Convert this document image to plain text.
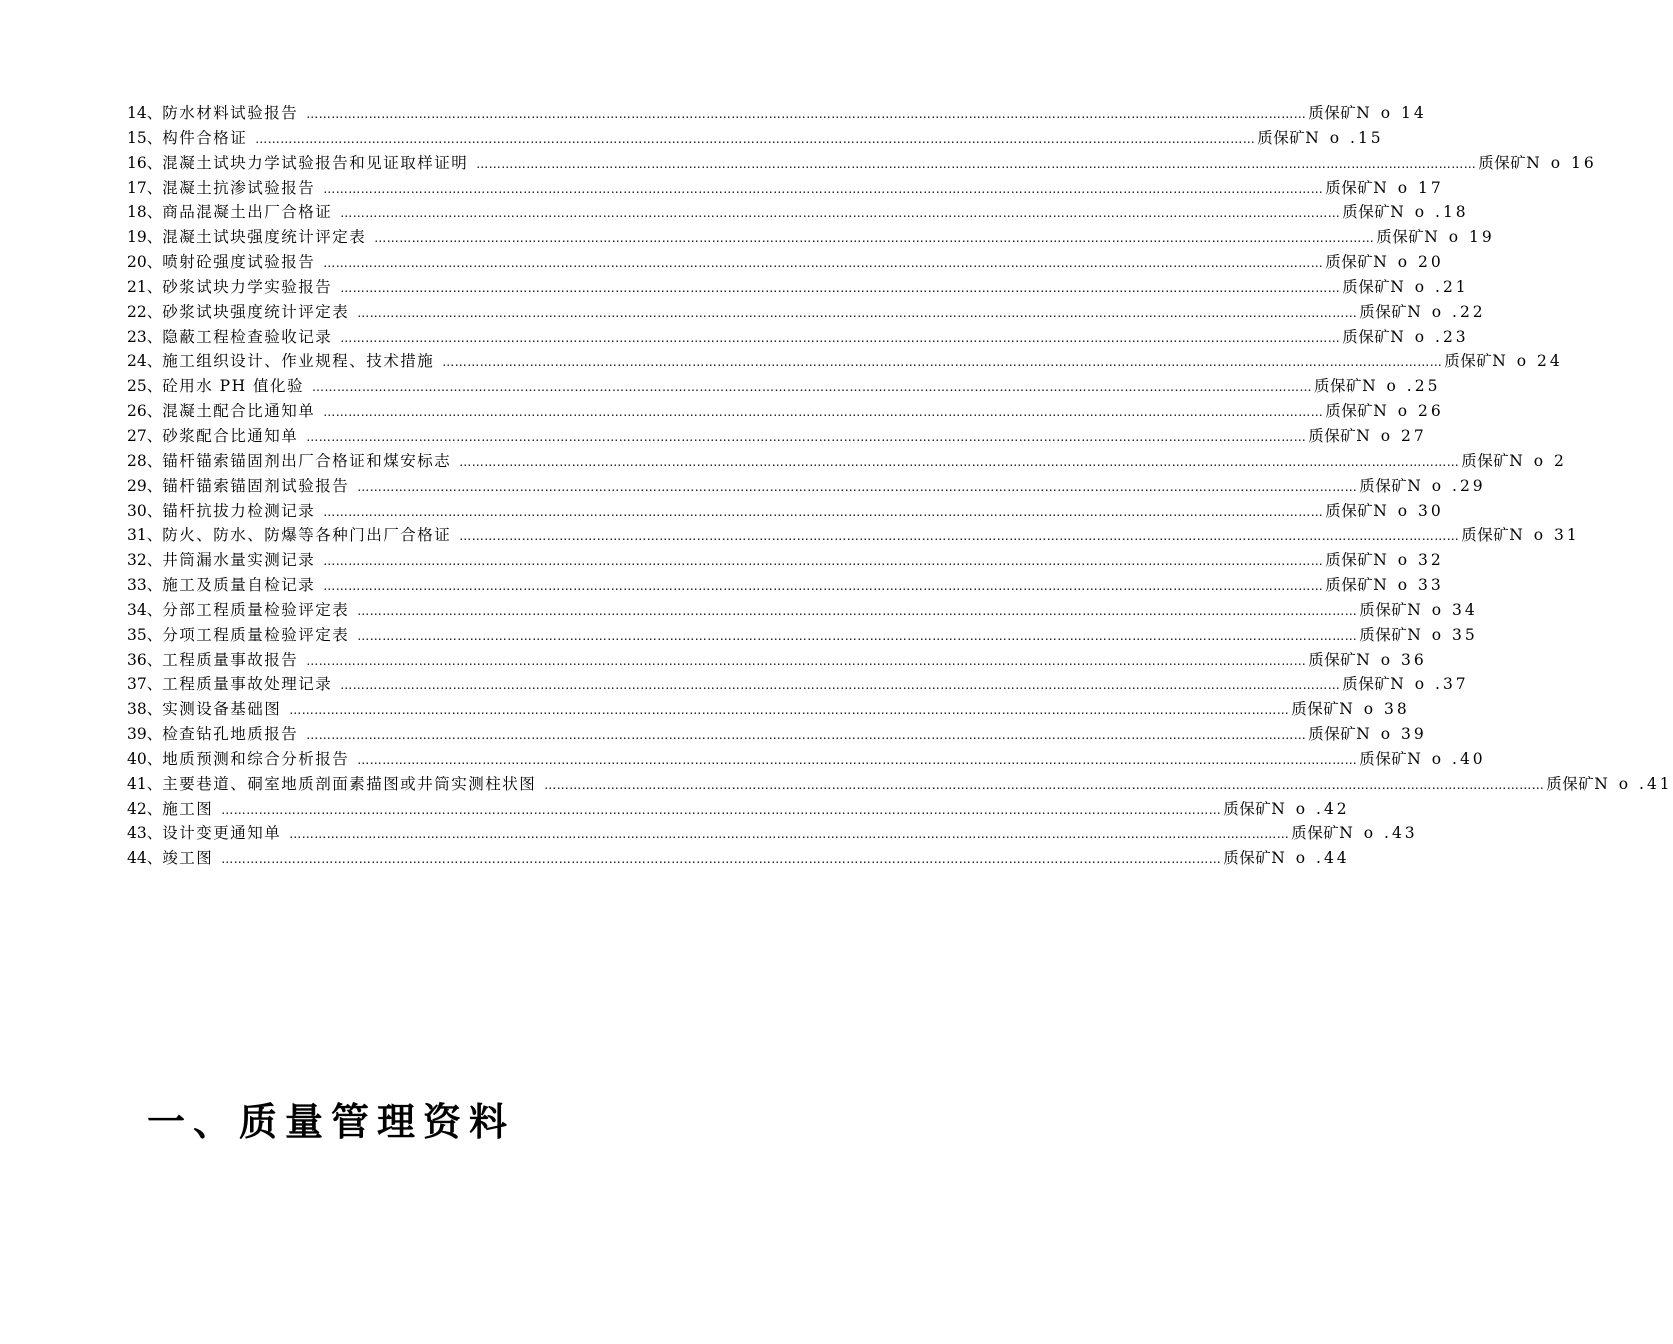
14、 防水材料试验报告 …………………………………………………………………………………………………………………………………………………………………………………………………………………… 质保矿N o 14
15、 构件合格证 …………………………………………………………………………………………………………………………………………………………………………………………………………………… 质保矿N o .15
16、 混凝土试块力学试验报告和见证取样证明 …………………………………………………………………………………………………………………………………………………………………………………………………………………… 质保矿N o 16
17、 混凝土抗渗试验报告 …………………………………………………………………………………………………………………………………………………………………………………………………………………… 质保矿N o 17
18、 商品混凝土出厂合格证 …………………………………………………………………………………………………………………………………………………………………………………………………………………… 质保矿N o .18
19、 混凝土试块强度统计评定表 …………………………………………………………………………………………………………………………………………………………………………………………………………………… 质保矿N o 19
20、 喷射砼强度试验报告 …………………………………………………………………………………………………………………………………………………………………………………………………………………… 质保矿N o 20
21、 砂浆试块力学实验报告 …………………………………………………………………………………………………………………………………………………………………………………………………………………… 质保矿N o .21
22、 砂浆试块强度统计评定表 …………………………………………………………………………………………………………………………………………………………………………………………………………………… 质保矿N o .22
23、 隐蔽工程检查验收记录 …………………………………………………………………………………………………………………………………………………………………………………………………………………… 质保矿N o .23
24、 施工组织设计、作业规程、技术措施 …………………………………………………………………………………………………………………………………………………………………………………………………………………… 质保矿N o 24
25、 砼用水 PH 值化验 …………………………………………………………………………………………………………………………………………………………………………………………………………………… 质保矿N o .25
26、 混凝土配合比通知单 …………………………………………………………………………………………………………………………………………………………………………………………………………………… 质保矿N o 26
27、 砂浆配合比通知单 …………………………………………………………………………………………………………………………………………………………………………………………………………………… 质保矿N o 27
28、 锚杆锚索锚固剂出厂合格证和煤安标志 …………………………………………………………………………………………………………………………………………………………………………………………………………………… 质保矿N o 2
29、 锚杆锚索锚固剂试验报告 …………………………………………………………………………………………………………………………………………………………………………………………………………………… 质保矿N o .29
30、 锚杆抗拔力检测记录 …………………………………………………………………………………………………………………………………………………………………………………………………………………… 质保矿N o 30
31、 防火、防水、防爆等各种门出厂合格证 …………………………………………………………………………………………………………………………………………………………………………………………………………………… 质保矿N o 31
32、 井筒漏水量实测记录 …………………………………………………………………………………………………………………………………………………………………………………………………………………… 质保矿N o 32
33、 施工及质量自检记录 …………………………………………………………………………………………………………………………………………………………………………………………………………………… 质保矿N o 33
34、 分部工程质量检验评定表 …………………………………………………………………………………………………………………………………………………………………………………………………………………… 质保矿N o 34
35、 分项工程质量检验评定表 …………………………………………………………………………………………………………………………………………………………………………………………………………………… 质保矿N o 35
36、 工程质量事故报告 …………………………………………………………………………………………………………………………………………………………………………………………………………………… 质保矿N o 36
37、 工程质量事故处理记录 …………………………………………………………………………………………………………………………………………………………………………………………………………………… 质保矿N o .37
38、 实测设备基础图 …………………………………………………………………………………………………………………………………………………………………………………………………………………… 质保矿N o 38
39、 检查钻孔地质报告 …………………………………………………………………………………………………………………………………………………………………………………………………………………… 质保矿N o 39
40、 地质预测和综合分析报告 …………………………………………………………………………………………………………………………………………………………………………………………………………………… 质保矿N o .40
41、 主要巷道、硐室地质剖面素描图或井筒实测柱状图 …………………………………………………………………………………………………………………………………………………………………………………………………………………… 质保矿N o .41
42、 施工图 …………………………………………………………………………………………………………………………………………………………………………………………………………………… 质保矿N o .42
43、 设计变更通知单 …………………………………………………………………………………………………………………………………………………………………………………………………………………… 质保矿N o .43
44、 竣工图 …………………………………………………………………………………………………………………………………………………………………………………………………………………… 质保矿N o .44
一、质量管理资料
